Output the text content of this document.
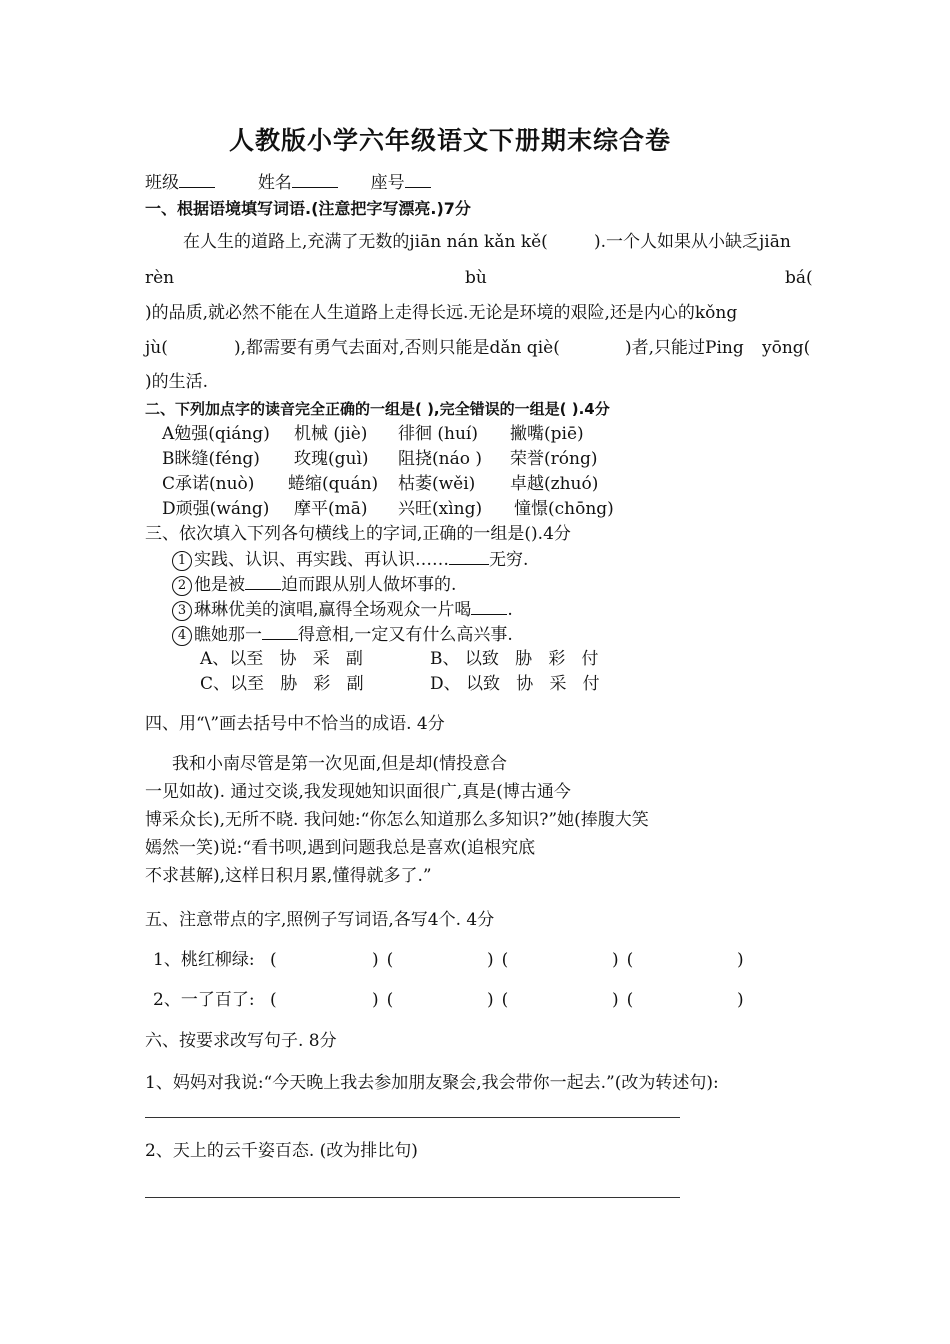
人教版小学六年级语文下册期末综合卷
班级	姓名	座号
一、根据语境填写词语.(注意把字写漂亮.)7分
在人生的道路上,充满了无数的jiān nán kǎn kě(	).一个人如果从小缺乏jiān
rèn	bù	bá(
)的品质,就必然不能在人生道路上走得长远.无论是环境的艰险,还是内心的kǒng
jù(	),都需要有勇气去面对,否则只能是dǎn qiè(	)者,只能过Ping yōng(
)的生活.
二、下列加点字的读音完全正确的一组是( ),完全错误的一组是( ).4分
A勉强(qiáng) 机械 (jiè) 徘徊 (huí) 撇嘴(piē)
B眯缝(féng) 玫瑰(guì) 阻挠(náo ) 荣誉(róng)
C承诺(nuò) 蜷缩(quán) 枯萎(wěi) 卓越(zhuó)
D顽强(wáng) 摩平(mā) 兴旺(xìng) 憧憬(chōng)
三、依次填入下列各句横线上的字词,正确的一组是().4分
1 实践、认识、再实践、再认识…… 无穷.
2 他是被 迫而跟从别人做坏事的.
3 琳琳优美的演唱,赢得全场观众一片喝 .
4 瞧她那一 得意相,一定又有什么高兴事.
A、以至   协   采   副	B、 以致   胁   彩   付
C、以至   胁   彩   副	D、 以致   协   采   付
四、用“\”画去括号中不恰当的成语. 4分
我和小南尽管是第一次见面,但是却(情投意合
一见如故). 通过交谈,我发现她知识面很广,真是(博古通今
博采众长),无所不晓. 我问她:“你怎么知道那么多知识?”她(捧腹大笑
嫣然一笑)说:“看书呗,遇到问题我总是喜欢(追根究底
不求甚解),这样日积月累,懂得就多了.”
五、注意带点的字,照例子写词语,各写4个. 4分
1、桃红柳绿: (	) (	) (	) (	)
2、一了百了: (	) (	) (	) (	)
六、按要求改写句子. 8分
1、妈妈对我说:“今天晚上我去参加朋友聚会,我会带你一起去.”(改为转述句):
2、天上的云千姿百态. (改为排比句)
